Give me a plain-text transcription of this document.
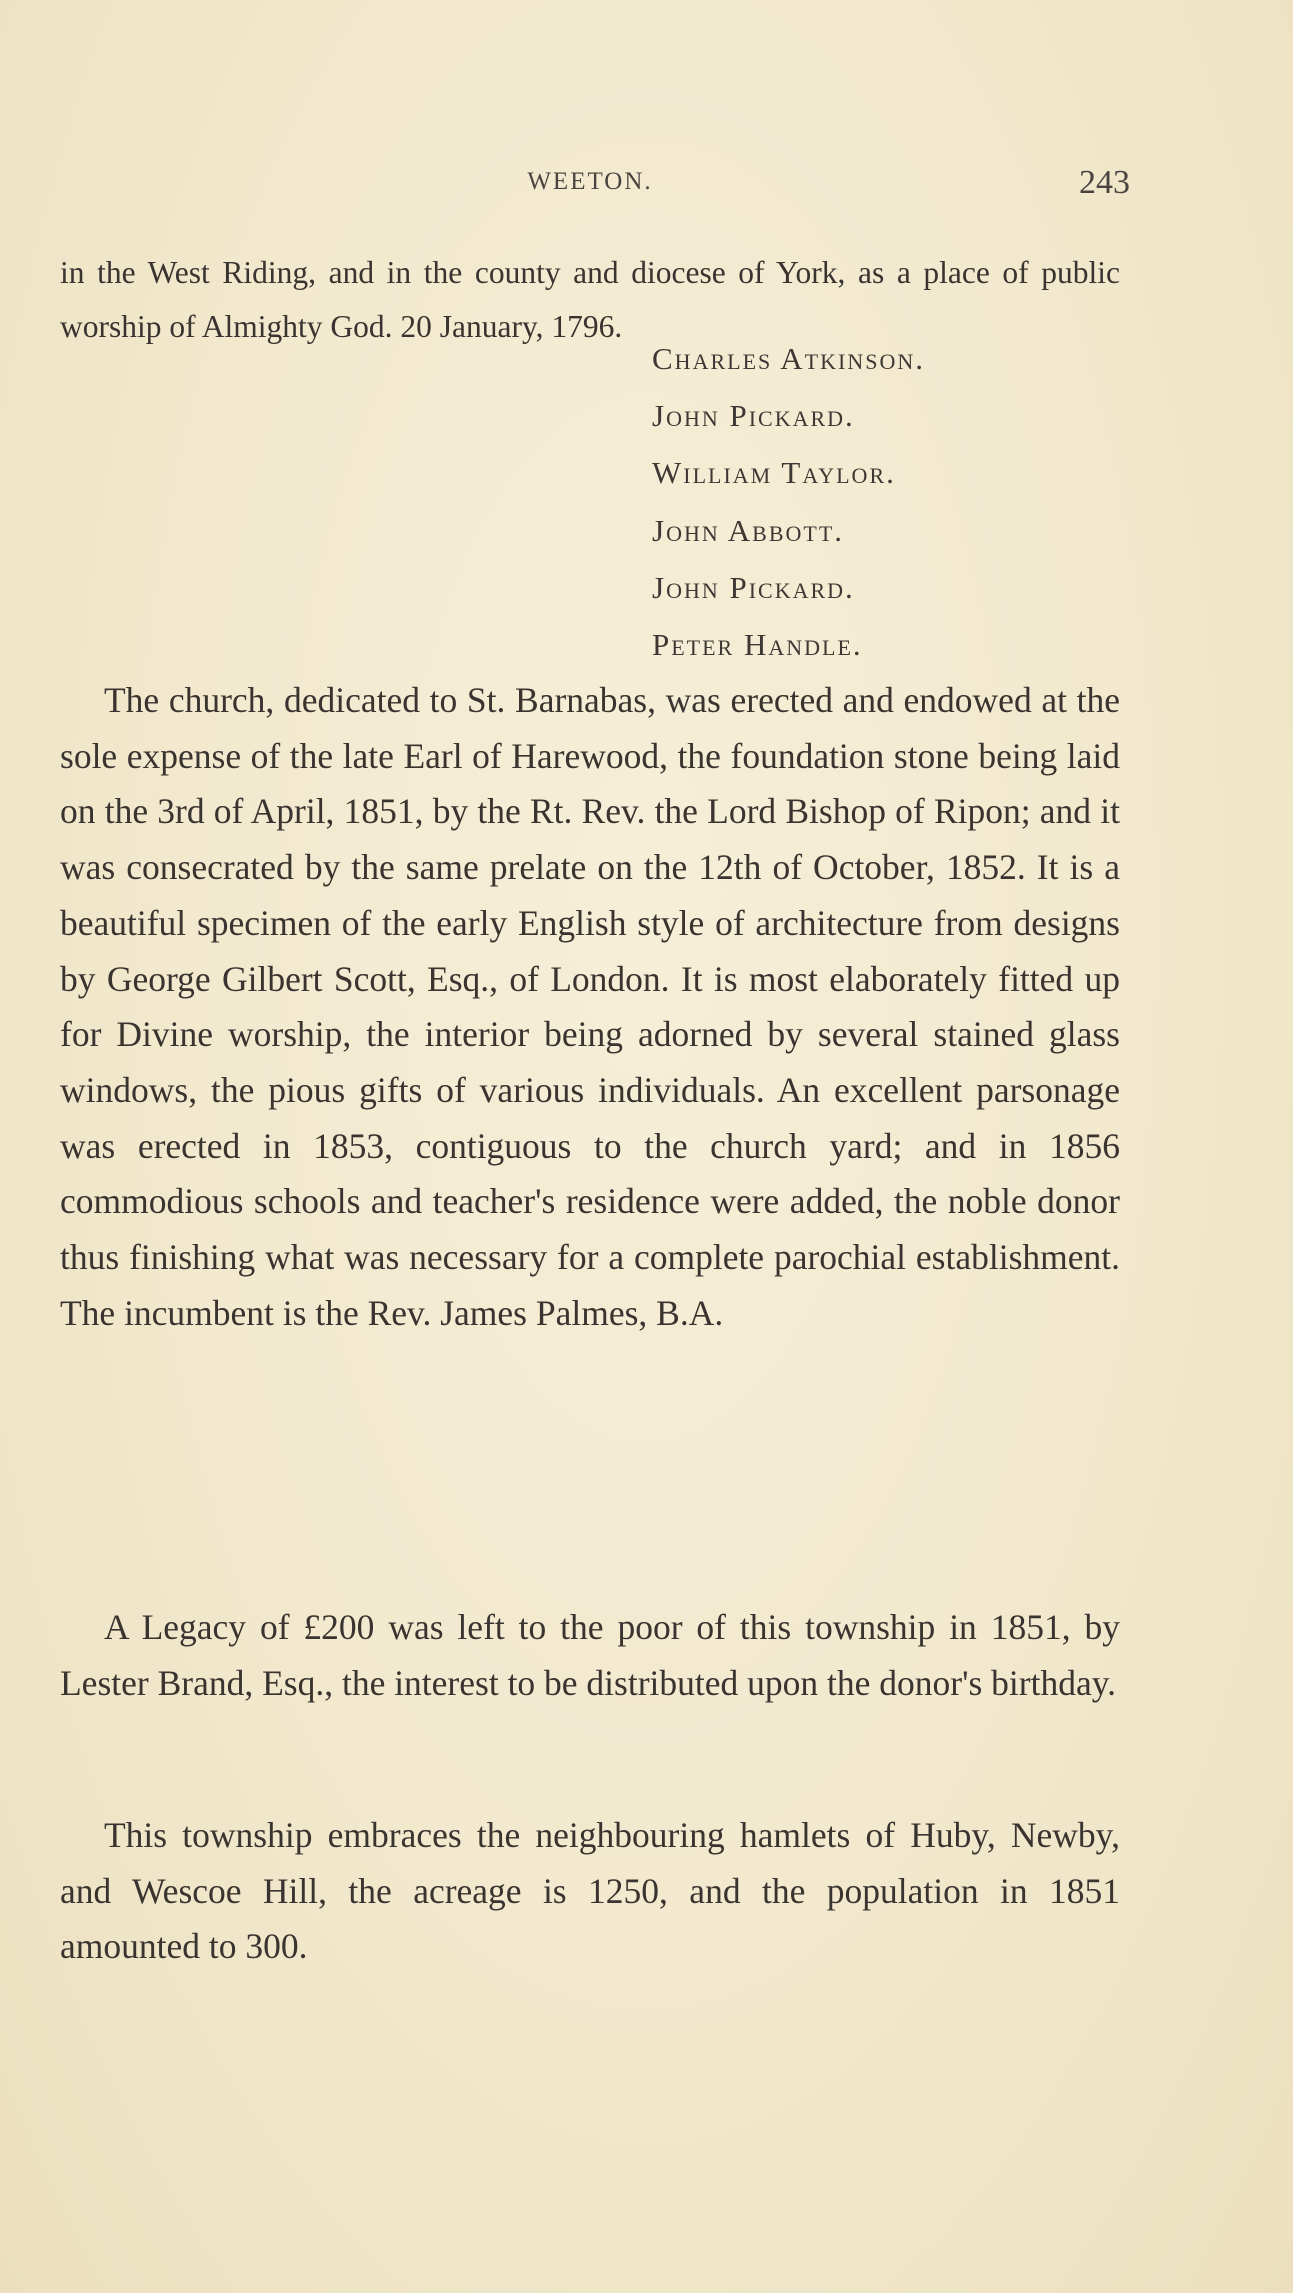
WEETON.	243
in the West Riding, and in the county and diocese of York, as a place of public worship of Almighty God. 20 January, 1796.
Charles Atkinson.
John Pickard.
William Taylor.
John Abbott.
John Pickard.
Peter Handle.
The church, dedicated to St. Barnabas, was erected and endowed at the sole expense of the late Earl of Harewood, the foundation stone being laid on the 3rd of April, 1851, by the Rt. Rev. the Lord Bishop of Ripon; and it was consecrated by the same prelate on the 12th of October, 1852. It is a beautiful specimen of the early English style of architecture from designs by George Gilbert Scott, Esq., of London. It is most elaborately fitted up for Divine worship, the interior being adorned by several stained glass windows, the pious gifts of various individuals. An excellent parsonage was erected in 1853, contiguous to the church yard; and in 1856 commodious schools and teacher's residence were added, the noble donor thus finishing what was necessary for a complete parochial establishment. The incumbent is the Rev. James Palmes, B.A.
A Legacy of £200 was left to the poor of this township in 1851, by Lester Brand, Esq., the interest to be distributed upon the donor's birthday.
This township embraces the neighbouring hamlets of Huby, Newby, and Wescoe Hill, the acreage is 1250, and the population in 1851 amounted to 300.
